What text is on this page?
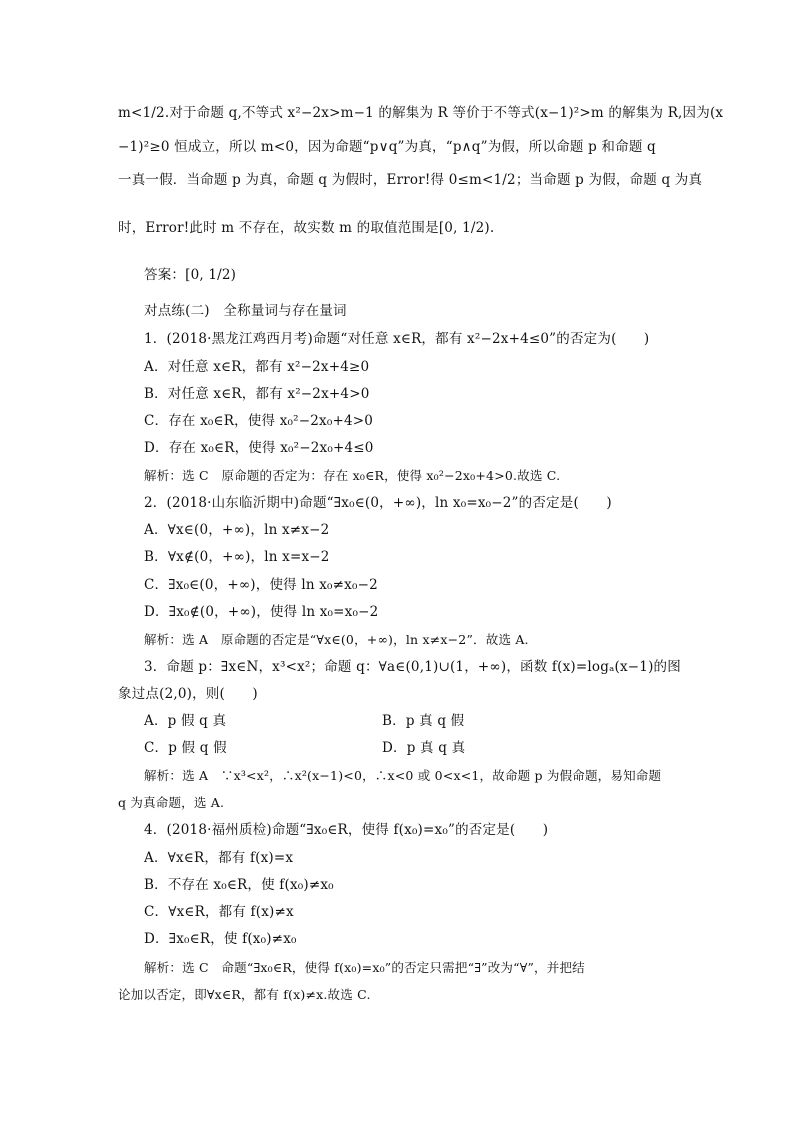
m<1/2.对于命题 q,不等式 x²−2x>m−1 的解集为 R 等价于不等式(x−1)²>m 的解集为 R,因为(x
−1)²≥0 恒成立，所以 m<0，因为命题“p∨q”为真，“p∧q”为假，所以命题 p 和命题 q
一真一假．当命题 p 为真，命题 q 为假时，Error!得 0≤m<1/2；当命题 p 为假，命题 q 为真
时，Error!此时 m 不存在，故实数 m 的取值范围是[0, 1/2).
答案：[0, 1/2)
对点练(二)　全称量词与存在量词
1．(2018·黑龙江鸡西月考)命题“对任意 x∈R，都有 x²−2x+4≤0”的否定为(　　)
A．对任意 x∈R，都有 x²−2x+4≥0
B．对任意 x∈R，都有 x²−2x+4>0
C．存在 x₀∈R，使得 x₀²−2x₀+4>0
D．存在 x₀∈R，使得 x₀²−2x₀+4≤0
解析：选 C　原命题的否定为：存在 x₀∈R，使得 x₀²−2x₀+4>0.故选 C.
2．(2018·山东临沂期中)命题“∃x₀∈(0，+∞)，ln x₀=x₀−2”的否定是(　　)
A．∀x∈(0，+∞)，ln x≠x−2
B．∀x∉(0，+∞)，ln x=x−2
C．∃x₀∈(0，+∞)，使得 ln x₀≠x₀−2
D．∃x₀∉(0，+∞)，使得 ln x₀=x₀−2
解析：选 A　原命题的否定是“∀x∈(0，+∞)，ln x≠x−2”．故选 A.
3．命题 p：∃x∈N，x³<x²；命题 q：∀a∈(0,1)∪(1，+∞)，函数 f(x)=logₐ(x−1)的图
象过点(2,0)，则(　　)
A．p 假 q 真	B．p 真 q 假
C．p 假 q 假	D．p 真 q 真
解析：选 A　∵x³<x²，∴x²(x−1)<0，∴x<0 或 0<x<1，故命题 p 为假命题，易知命题
q 为真命题，选 A.
4．(2018·福州质检)命题“∃x₀∈R，使得 f(x₀)=x₀”的否定是(　　)
A．∀x∈R，都有 f(x)=x
B．不存在 x₀∈R，使 f(x₀)≠x₀
C．∀x∈R，都有 f(x)≠x
D．∃x₀∈R，使 f(x₀)≠x₀
解析：选 C　命题“∃x₀∈R，使得 f(x₀)=x₀”的否定只需把“∃”改为“∀”，并把结
论加以否定，即∀x∈R，都有 f(x)≠x.故选 C.
